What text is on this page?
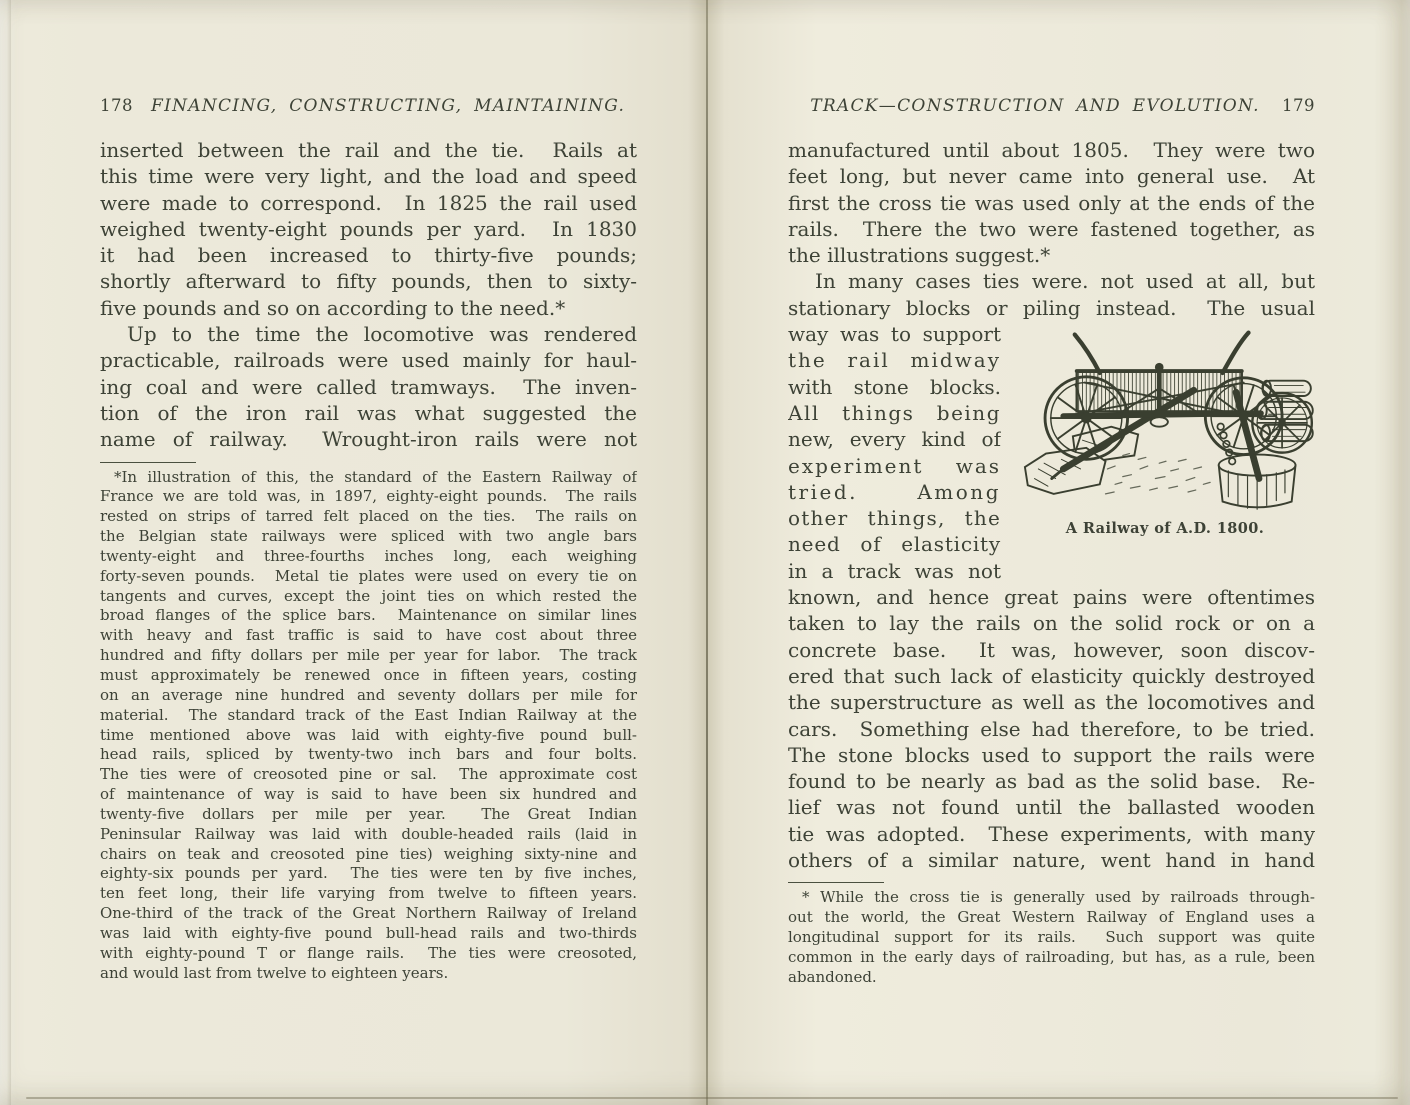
178 FINANCING, CONSTRUCTING, MAINTAINING.
inserted between the rail and the tie.  Rails at
this time were very light, and the load and speed
were made to correspond.  In 1825 the rail used
weighed twenty-eight pounds per yard.  In 1830
it had been increased to thirty-five pounds;
shortly afterward to fifty pounds, then to sixty-
five pounds and so on according to the need.*
Up to the time the locomotive was rendered
practicable, railroads were used mainly for haul-
ing coal and were called tramways.  The inven-
tion of the iron rail was what suggested the
name of railway.  Wrought-iron rails were not
*In illustration of this, the standard of the Eastern Railway of
France we are told was, in 1897, eighty-eight pounds.  The rails
rested on strips of tarred felt placed on the ties.  The rails on
the Belgian state railways were spliced with two angle bars
twenty-eight and three-fourths inches long, each weighing
forty-seven pounds.  Metal tie plates were used on every tie on
tangents and curves, except the joint ties on which rested the
broad flanges of the splice bars.  Maintenance on similar lines
with heavy and fast traffic is said to have cost about three
hundred and fifty dollars per mile per year for labor.  The track
must approximately be renewed once in fifteen years, costing
on an average nine hundred and seventy dollars per mile for
material.  The standard track of the East Indian Railway at the
time mentioned above was laid with eighty-five pound bull-
head rails, spliced by twenty-two inch bars and four bolts.
The ties were of creosoted pine or sal.  The approximate cost
of maintenance of way is said to have been six hundred and
twenty-five dollars per mile per year.  The Great Indian
Peninsular Railway was laid with double-headed rails (laid in
chairs on teak and creosoted pine ties) weighing sixty-nine and
eighty-six pounds per yard.  The ties were ten by five inches,
ten feet long, their life varying from twelve to fifteen years.
One-third of the track of the Great Northern Railway of Ireland
was laid with eighty-five pound bull-head rails and two-thirds
with eighty-pound T or flange rails.  The ties were creosoted,
and would last from twelve to eighteen years.
TRACK—CONSTRUCTION AND EVOLUTION.	179
manufactured until about 1805.  They were two
feet long, but never came into general use.  At
first the cross tie was used only at the ends of the
rails.  There the two were fastened together, as
the illustrations suggest.*
In many cases ties were. not used at all, but
stationary blocks or piling instead.  The usual
A Railway of A.D. 1800.
way was to support
the rail midway
with stone blocks.
All things being
new, every kind of
experiment was
tried.  Among
other things, the
need of elasticity
in a track was not
known, and hence great pains were oftentimes
taken to lay the rails on the solid rock or on a
concrete base.  It was, however, soon discov-
ered that such lack of elasticity quickly destroyed
the superstructure as well as the locomotives and
cars.  Something else had therefore, to be tried.
The stone blocks used to support the rails were
found to be nearly as bad as the solid base.  Re-
lief was not found until the ballasted wooden
tie was adopted.  These experiments, with many
others of a similar nature, went hand in hand
* While the cross tie is generally used by railroads through-
out the world, the Great Western Railway of England uses a
longitudinal support for its rails.  Such support was quite
common in the early days of railroading, but has, as a rule, been
abandoned.
